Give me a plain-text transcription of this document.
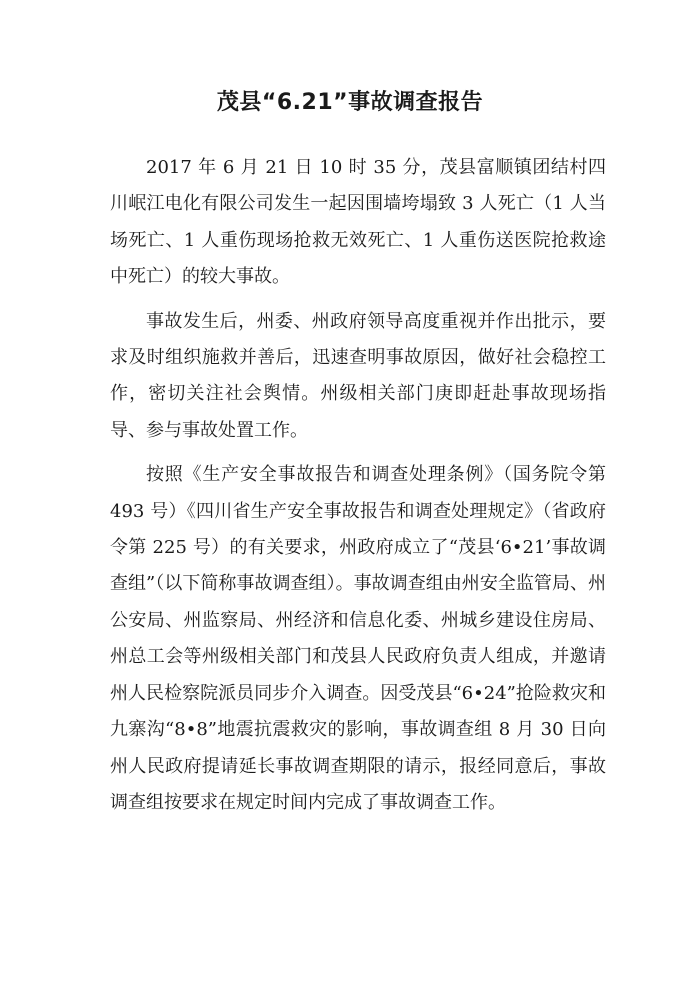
茂县“6.21”事故调查报告

2017 年 6 月 21 日 10 时 35 分，茂县富顺镇团结村四川岷江电化有限公司发生一起因围墙垮塌致 3 人死亡（1 人当场死亡、1 人重伤现场抢救无效死亡、1 人重伤送医院抢救途中死亡）的较大事故。

事故发生后，州委、州政府领导高度重视并作出批示，要求及时组织施救并善后，迅速查明事故原因，做好社会稳控工作，密切关注社会舆情。州级相关部门庚即赶赴事故现场指导、参与事故处置工作。

按照《生产安全事故报告和调查处理条例》（国务院令第 493 号）《四川省生产安全事故报告和调查处理规定》（省政府令第 225 号）的有关要求，州政府成立了“茂县‘6•21’事故调查组”（以下简称事故调查组）。事故调查组由州安全监管局、州公安局、州监察局、州经济和信息化委、州城乡建设住房局、州总工会等州级相关部门和茂县人民政府负责人组成，并邀请州人民检察院派员同步介入调查。因受茂县“6•24”抢险救灾和九寨沟“8•8”地震抗震救灾的影响，事故调查组 8 月 30 日向州人民政府提请延长事故调查期限的请示，报经同意后，事故调查组按要求在规定时间内完成了事故调查工作。
